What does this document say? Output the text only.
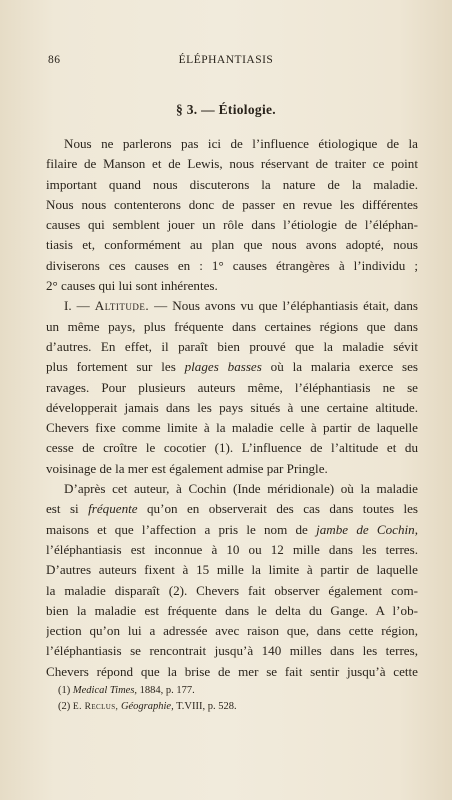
86	ÉLÉPHANTIASIS
§ 3. — Étiologie.
Nous ne parlerons pas ici de l’influence étiologique de la
filaire de Manson et de Lewis, nous réservant de traiter ce point
important quand nous discuterons la nature de la maladie.
Nous nous contenterons donc de passer en revue les différentes
causes qui semblent jouer un rôle dans l’étiologie de l’éléphan-
tiasis et, conformément au plan que nous avons adopté, nous
diviserons ces causes en : 1° causes étrangères à l’individu ;
2° causes qui lui sont inhérentes.
I. — Altitude. — Nous avons vu que l’éléphantiasis était, dans
un même pays, plus fréquente dans certaines régions que dans
d’autres. En effet, il paraît bien prouvé que la maladie sévit
plus fortement sur les plages basses où la malaria exerce ses
ravages. Pour plusieurs auteurs même, l’éléphantiasis ne se
développerait jamais dans les pays situés à une certaine altitude.
Chevers fixe comme limite à la maladie celle à partir de laquelle
cesse de croître le cocotier (1). L’influence de l’altitude et du
voisinage de la mer est également admise par Pringle.
D’après cet auteur, à Cochin (Inde méridionale) où la maladie
est si fréquente qu’on en observerait des cas dans toutes les
maisons et que l’affection a pris le nom de jambe de Cochin,
l’éléphantiasis est inconnue à 10 ou 12 mille dans les terres.
D’autres auteurs fixent à 15 mille la limite à partir de laquelle
la maladie disparaît (2). Chevers fait observer également com-
bien la maladie est fréquente dans le delta du Gange. A l’ob-
jection qu’on lui a adressée avec raison que, dans cette région,
l’éléphantiasis se rencontrait jusqu’à 140 milles dans les terres,
Chevers répond que la brise de mer se fait sentir jusqu’à cette
(1) Medical Times, 1884, p. 177.
(2) E. Reclus, Géographie, T.VIII, p. 528.
